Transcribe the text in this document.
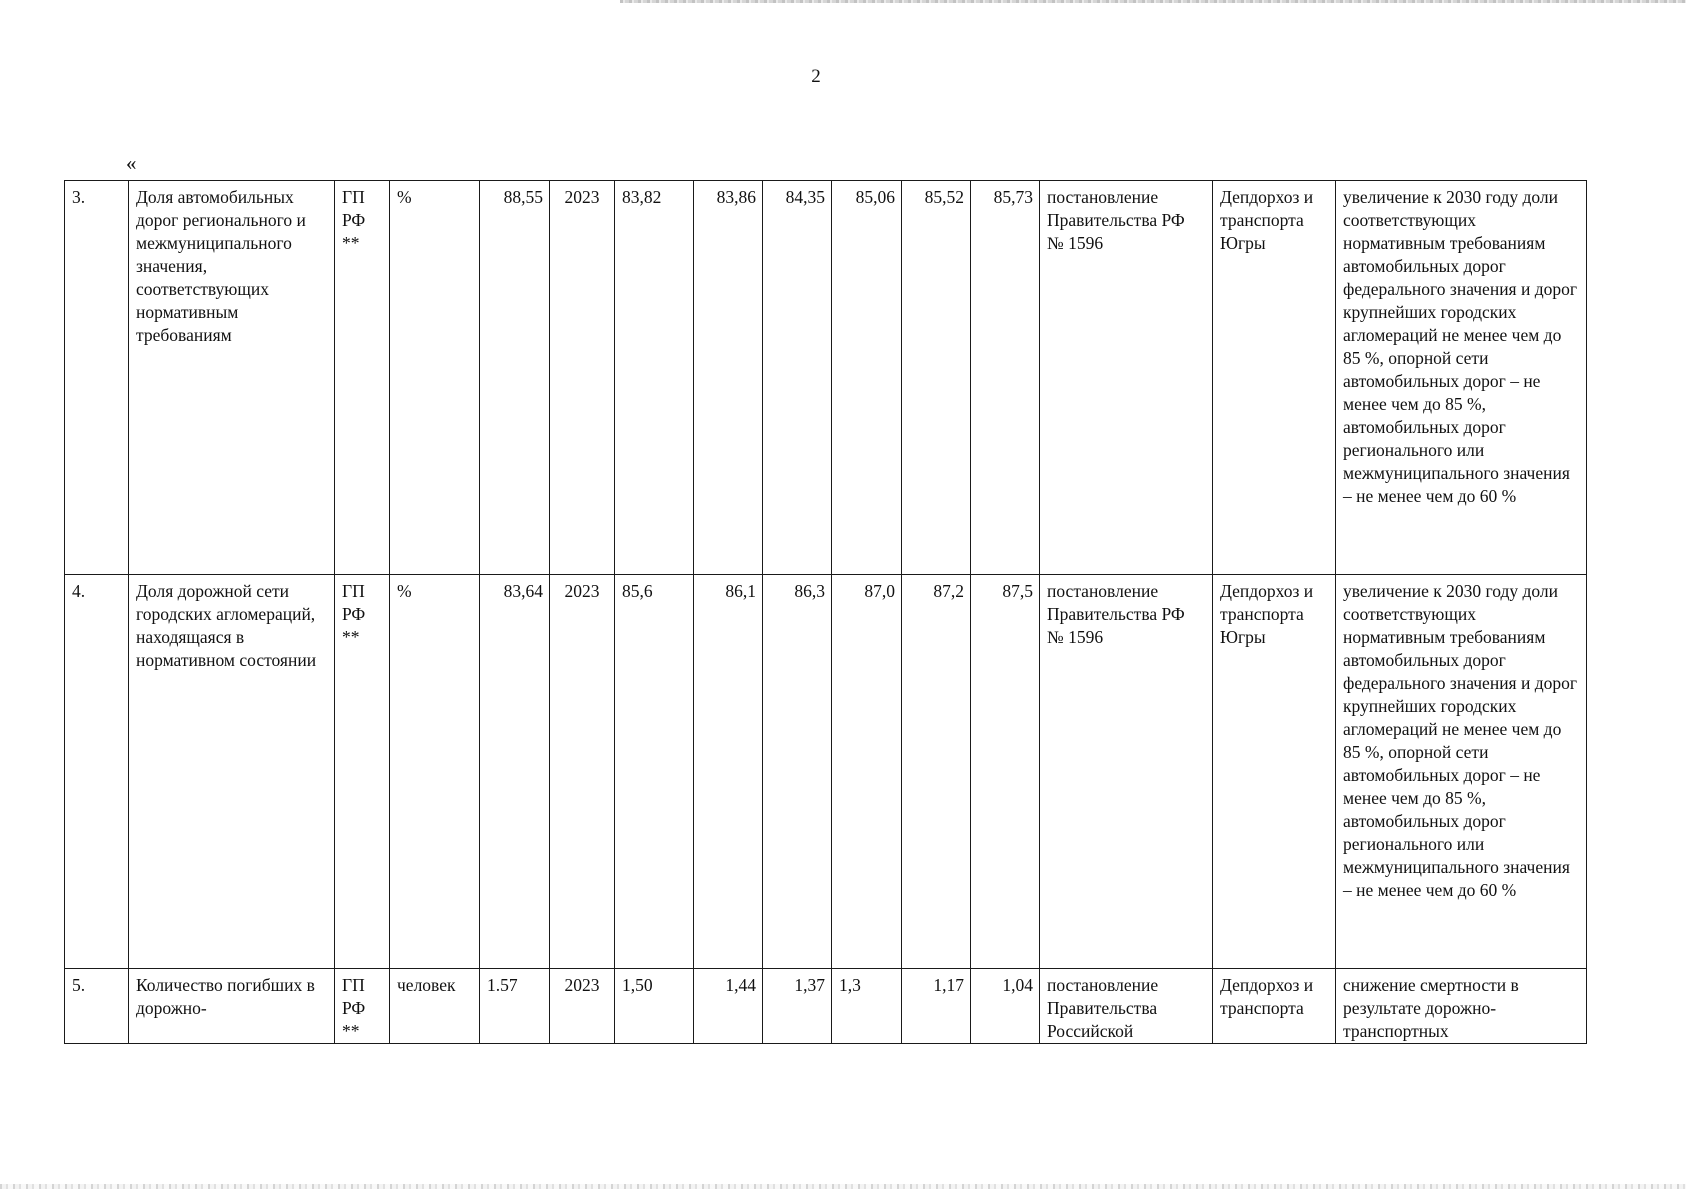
2
«
3.	Доля автомобильных дорог регионального и межмуниципального значения, соответствующих нормативным требованиям	ГП РФ **	%	88,55	2023	83,82	83,86	84,35	85,06	85,52	85,73	постановление Правительства РФ № 1596	Депдорхоз и транспорта Югры	увеличение к 2030 году доли соответствующих нормативным требованиям автомобильных дорог федерального значения и дорог крупнейших городских агломераций не менее чем до 85 %, опорной сети автомобильных дорог – не менее чем до 85 %, автомобильных дорог регионального или межмуниципального значения – не менее чем до 60 %
4.	Доля дорожной сети городских агломераций, находящаяся в нормативном состоянии	ГП РФ **	%	83,64	2023	85,6	86,1	86,3	87,0	87,2	87,5	постановление Правительства РФ № 1596	Депдорхоз и транспорта Югры	увеличение к 2030 году доли соответствующих нормативным требованиям автомобильных дорог федерального значения и дорог крупнейших городских агломераций не менее чем до 85 %, опорной сети автомобильных дорог – не менее чем до 85 %, автомобильных дорог регионального или межмуниципального значения – не менее чем до 60 %
5.	Количество погибших в дорожно-	ГП РФ **	человек	1.57	2023	1,50	1,44	1,37	1,3	1,17	1,04	постановление Правительства Российской	Депдорхоз и транспорта	снижение смертности в результате дорожно-транспортных
